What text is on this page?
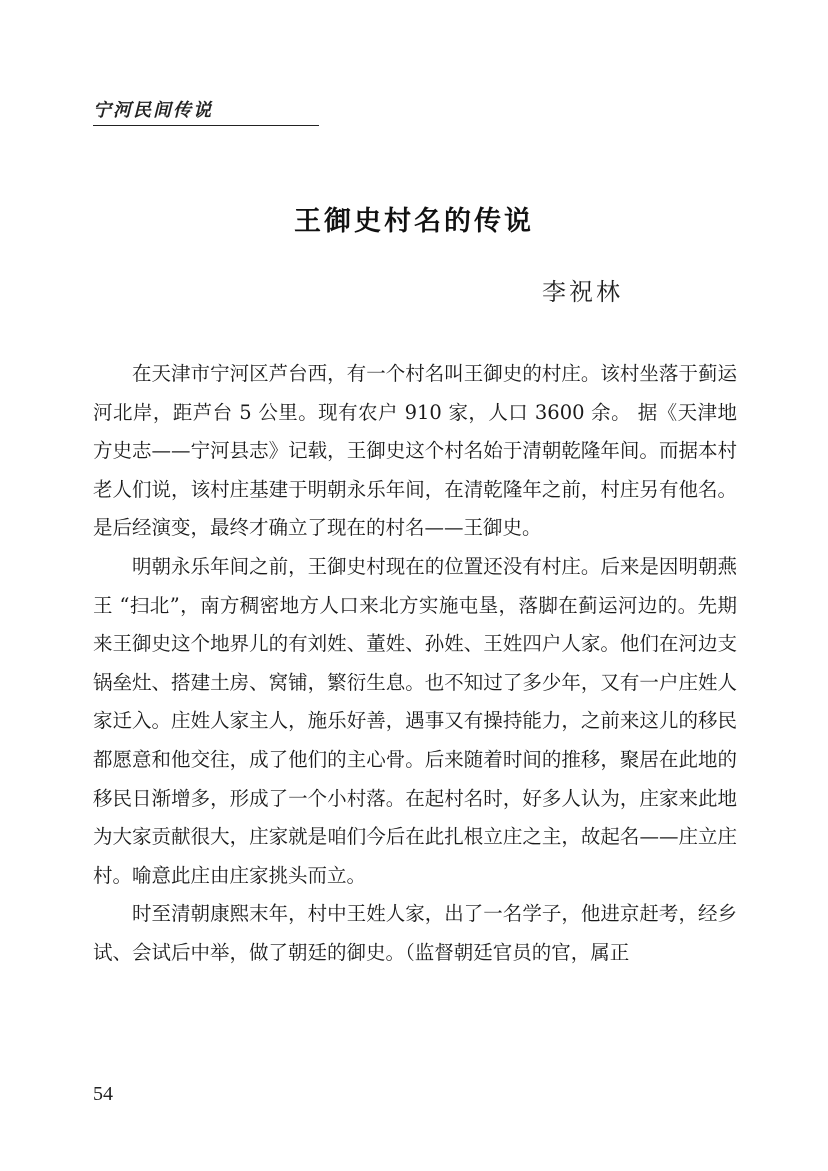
宁河民间传说
王御史村名的传说
李祝林

在天津市宁河区芦台西，有一个村名叫王御史的村庄。该村坐落于蓟运河北岸，距芦台 5 公里。现有农户 910 家，人口 3600 余。 据《天津地方史志——宁河县志》记载，王御史这个村名始于清朝乾隆年间。而据本村老人们说，该村庄基建于明朝永乐年间，在清乾隆年之前，村庄另有他名。是后经演变，最终才确立了现在的村名——王御史。

明朝永乐年间之前，王御史村现在的位置还没有村庄。后来是因明朝燕王 “扫北”，南方稠密地方人口来北方实施屯垦，落脚在蓟运河边的。先期来王御史这个地界儿的有刘姓、董姓、孙姓、王姓四户人家。他们在河边支锅垒灶、搭建土房、窝铺，繁衍生息。也不知过了多少年，又有一户庄姓人家迁入。庄姓人家主人，施乐好善，遇事又有操持能力，之前来这儿的移民都愿意和他交往，成了他们的主心骨。后来随着时间的推移，聚居在此地的移民日渐增多，形成了一个小村落。在起村名时，好多人认为，庄家来此地为大家贡献很大，庄家就是咱们今后在此扎根立庄之主，故起名——庄立庄村。喻意此庄由庄家挑头而立。

时至清朝康熙末年，村中王姓人家，出了一名学子，他进京赶考，经乡试、会试后中举，做了朝廷的御史。（监督朝廷官员的官，属正

54
